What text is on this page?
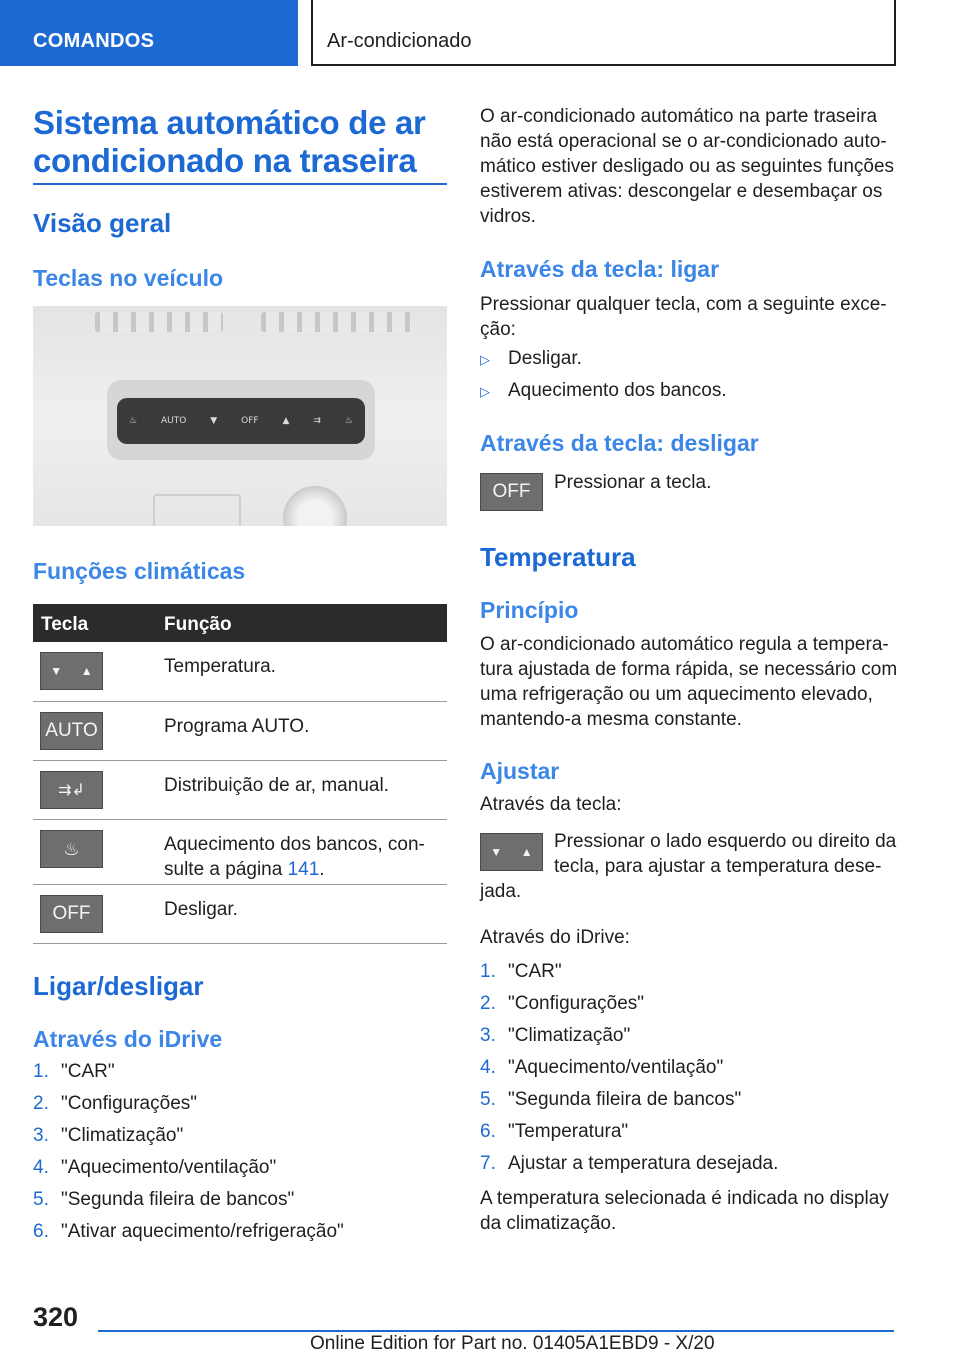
COMANDOS	Ar-condicionado
Sistema automático de ar condicionado na traseira
Visão geral
Teclas no veículo
♨	AUTO	▼	OFF	▲	⇉	♨
Funções climáticas
Tecla	Função
▼ ▲	Temperatura.
AUTO	Programa AUTO.
⇉↲	Distribuição de ar, manual.
♨	Aquecimento dos bancos, con-sulte a página 141.
OFF	Desligar.
Ligar/desligar
Através do iDrive
1. "CAR"
2. "Configurações"
3. "Climatização"
4. "Aquecimento/ventilação"
5. "Segunda fileira de bancos"
6. "Ativar aquecimento/refrigeração"
O ar-condicionado automático na parte traseira não está operacional se o ar-condicionado auto-mático estiver desligado ou as seguintes funções estiverem ativas: descongelar e desembaçar os vidros.
Através da tecla: ligar
Pressionar qualquer tecla, com a seguinte exce-ção:
▷ Desligar.
▷ Aquecimento dos bancos.
Através da tecla: desligar
OFF	Pressionar a tecla.
Temperatura
Princípio
O ar-condicionado automático regula a tempera-tura ajustada de forma rápida, se necessário com uma refrigeração ou um aquecimento elevado, mantendo-a mesma constante.
Ajustar
Através da tecla:
▼ ▲ Pressionar o lado esquerdo ou direito da
tecla, para ajustar a temperatura dese-
jada.
Através do iDrive:
1. "CAR"
2. "Configurações"
3. "Climatização"
4. "Aquecimento/ventilação"
5. "Segunda fileira de bancos"
6. "Temperatura"
7. Ajustar a temperatura desejada.
A temperatura selecionada é indicada no display da climatização.
320
Online Edition for Part no. 01405A1EBD9 - X/20
